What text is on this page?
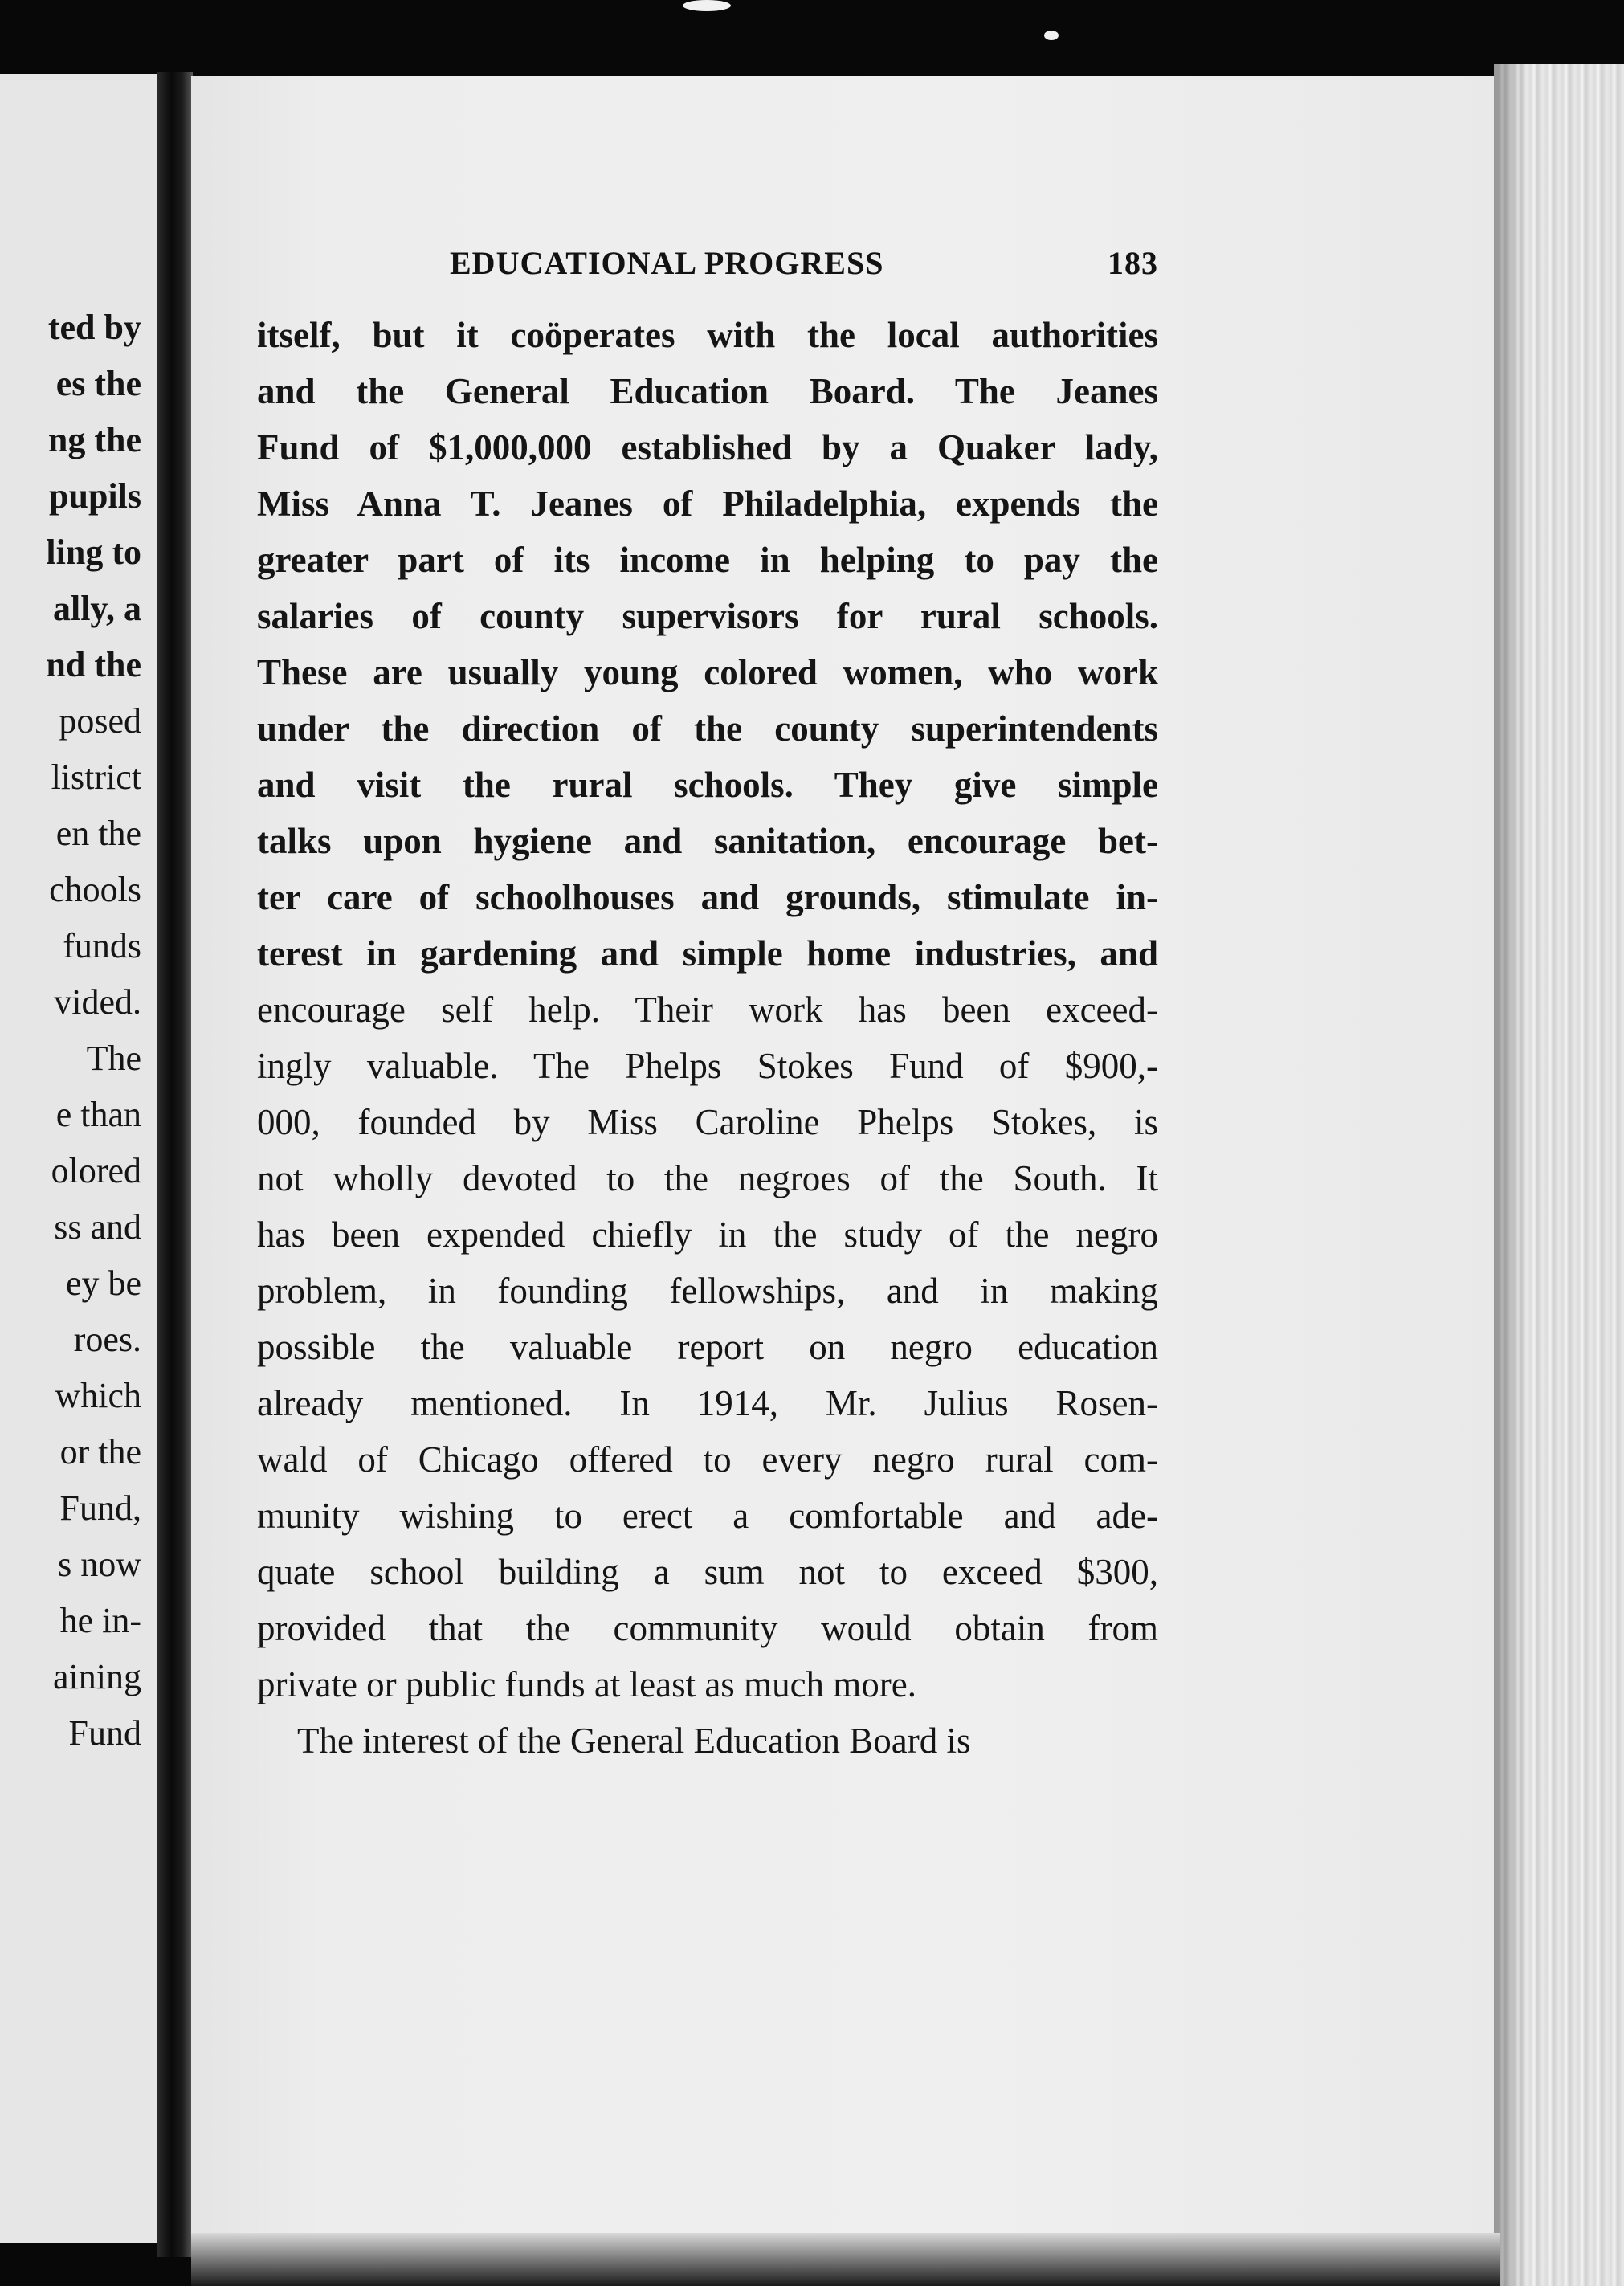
ted by
es the
ng the
pupils
ling to
ally, a
nd the
posed
listrict
en the
chools
funds
vided.
The
e than
olored
ss and
ey be
roes.
which
or the
Fund,
s now
he in-
aining
Fund
EDUCATIONAL PROGRESS	183
itself, but it coöperates with the local authorities
and the General Education Board. The Jeanes
Fund of $1,000,000 established by a Quaker lady,
Miss Anna T. Jeanes of Philadelphia, expends the
greater part of its income in helping to pay the
salaries of county supervisors for rural schools.
These are usually young colored women, who work
under the direction of the county superintendents
and visit the rural schools. They give simple
talks upon hygiene and sanitation, encourage bet-
ter care of schoolhouses and grounds, stimulate in-
terest in gardening and simple home industries, and
encourage self help. Their work has been exceed-
ingly valuable. The Phelps Stokes Fund of $900,-
000, founded by Miss Caroline Phelps Stokes, is
not wholly devoted to the negroes of the South. It
has been expended chiefly in the study of the negro
problem, in founding fellowships, and in making
possible the valuable report on negro education
already mentioned. In 1914, Mr. Julius Rosen-
wald of Chicago offered to every negro rural com-
munity wishing to erect a comfortable and ade-
quate school building a sum not to exceed $300,
provided that the community would obtain from
private or public funds at least as much more.
The interest of the General Education Board is
